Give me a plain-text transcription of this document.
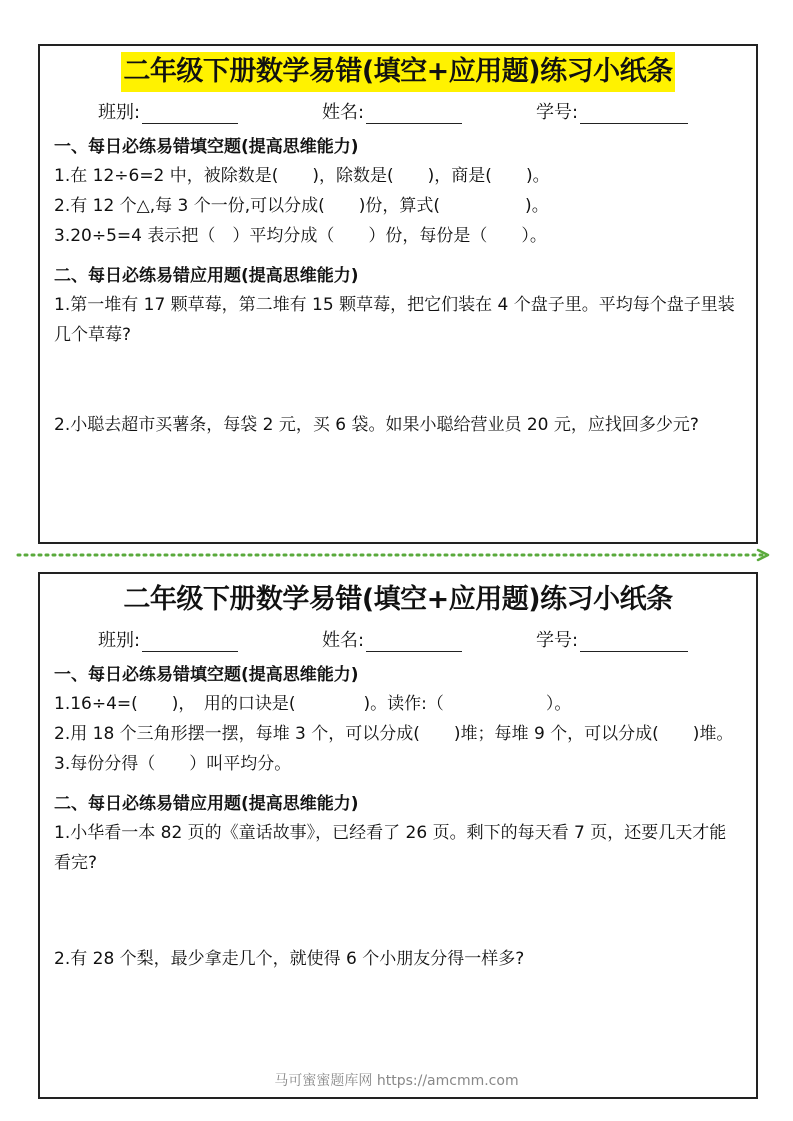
二年级下册数学易错(填空+应用题)练习小纸条
班别:	姓名:	学号:
一、每日必练易错填空题(提高思维能力)
1.在 12÷6=2 中，被除数是(　　)，除数是(　　)，商是(　　)。
2.有 12 个△,每 3 个一份,可以分成(　　)份，算式(　　　　　)。
3.20÷5=4 表示把（　）平均分成（　　）份，每份是（　　）。
二、每日必练易错应用题(提高思维能力)
1.第一堆有 17 颗草莓，第二堆有 15 颗草莓，把它们装在 4 个盘子里。平均每个盘子里装几个草莓?
2.小聪去超市买薯条，每袋 2 元，买 6 袋。如果小聪给营业员 20 元，应找回多少元?
二年级下册数学易错(填空+应用题)练习小纸条
班别:	姓名:	学号:
一、每日必练易错填空题(提高思维能力)
1.16÷4=(　　)，　用的口诀是(　　　　)。读作:（　　　　　　）。
2.用 18 个三角形摆一摆，每堆 3 个，可以分成(　　)堆；每堆 9 个，可以分成(　　)堆。
3.每份分得（　　）叫平均分。
二、每日必练易错应用题(提高思维能力)
1.小华看一本 82 页的《童话故事》，已经看了 26 页。剩下的每天看 7 页，还要几天才能看完?
2.有 28 个梨，最少拿走几个，就使得 6 个小朋友分得一样多?
马可蜜蜜题库网 https://amcmm.com
